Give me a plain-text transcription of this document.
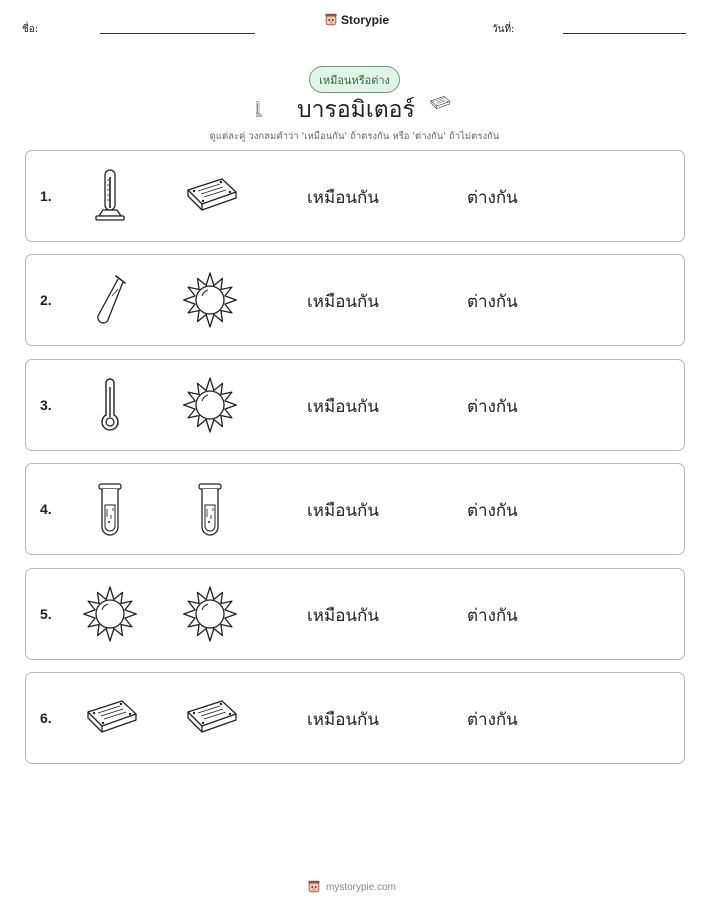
ชื่อ:
Storypie
วันที่:
เหมือนหรือต่าง
บารอมิเตอร์
ดูแต่ละคู่ วงกลมคำว่า 'เหมือนกัน' ถ้าตรงกัน หรือ 'ต่างกัน' ถ้าไม่ตรงกัน
1.	เหมือนกัน	ต่างกัน
2.	เหมือนกัน	ต่างกัน
3.	เหมือนกัน	ต่างกัน
4.	เหมือนกัน	ต่างกัน
5.	เหมือนกัน	ต่างกัน
6.	เหมือนกัน	ต่างกัน
mystorypie.com
